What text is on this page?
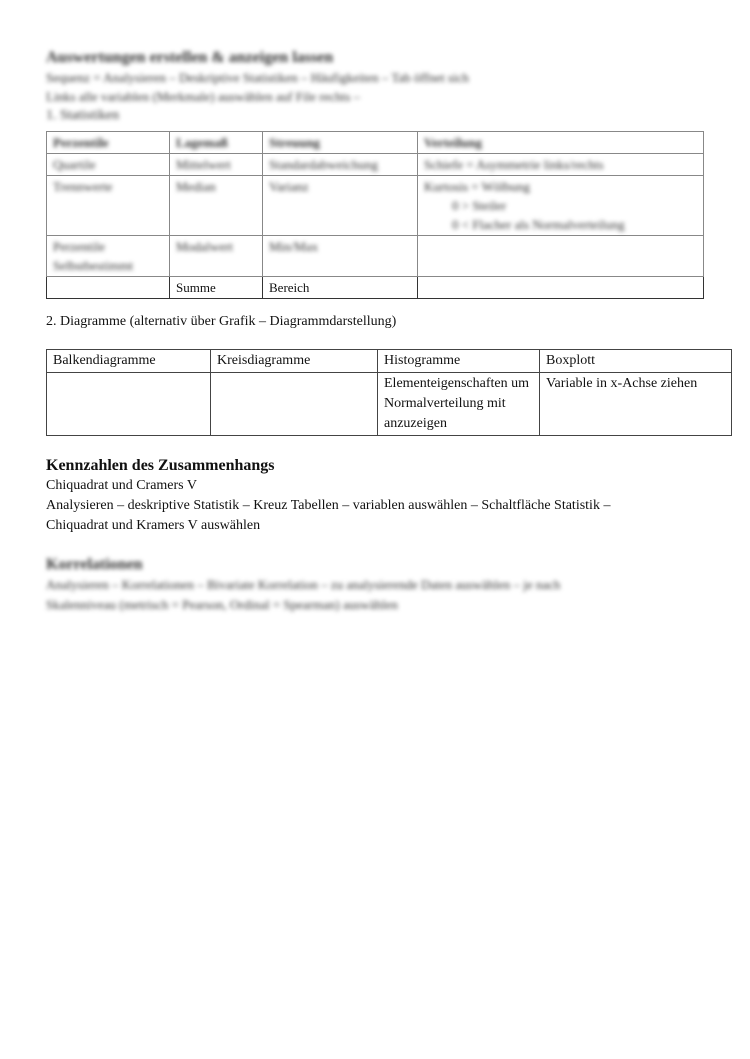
Auswertungen erstellen & anzeigen lassen
Sequenz = Analysieren – Deskriptive Statistiken – Häufigkeiten – Tab öffnet sich
Links alle variablen (Merkmale) auswählen auf File rechts –
1. Statistiken
Perzentile	Lagemaß	Streuung	Verteilung
Quartile	Mittelwert	Standardabweichung	Schiefe = Asymmetrie links/rechts
Trennwerte	Median	Varianz	Kurtosis = Wölbung
0 > Steiler
0 < Flacher als Normalverteilung

Perzentile Selbstbestimmt	Modalwert	Min/Max	
	Summe	Bereich	
2. Diagramme (alternativ über Grafik – Diagrammdarstellung)
Balkendiagramme	Kreisdiagramme	Histogramme	Boxplott
		Elementeigenschaften um Normalverteilung mit anzuzeigen	Variable in x-Achse ziehen
Kennzahlen des Zusammenhangs
Chiquadrat und Cramers V
Analysieren – deskriptive Statistik – Kreuz Tabellen – variablen auswählen – Schaltfläche Statistik –
Chiquadrat und Kramers V auswählen
Korrelationen
Analysieren – Korrelationen – Bivariate Korrelation – zu analysierende Daten auswählen – je nach
Skalenniveau (metrisch = Pearson, Ordinal = Spearman) auswählen
